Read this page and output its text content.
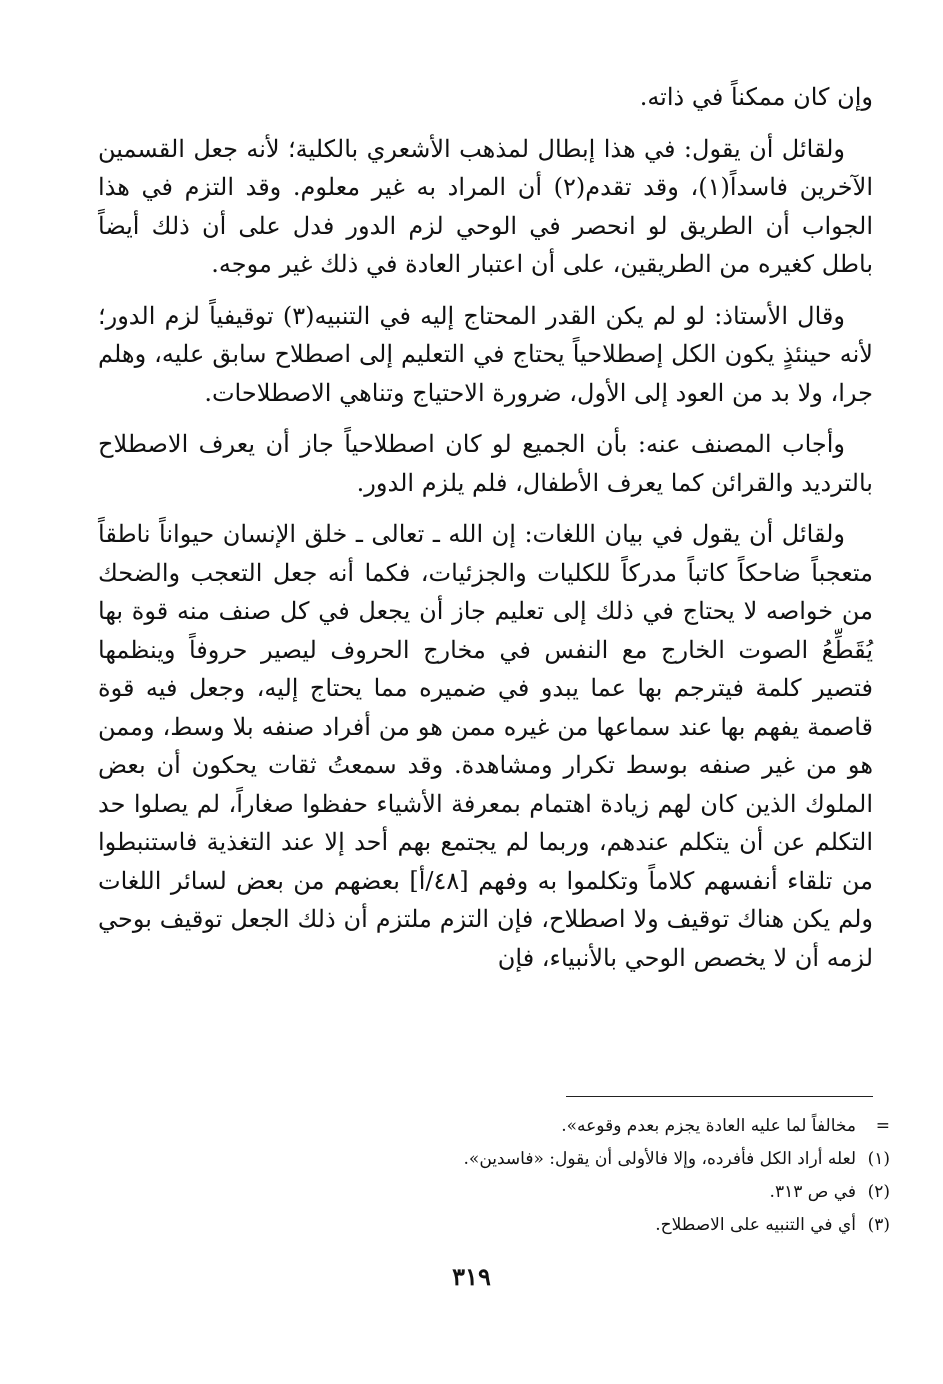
وإن كان ممكناً في ذاته.

ولقائل أن يقول: في هذا إبطال لمذهب الأشعري بالكلية؛ لأنه جعل القسمين الآخرين فاسداً(١)، وقد تقدم(٢) أن المراد به غير معلوم. وقد التزم في هذا الجواب أن الطريق لو انحصر في الوحي لزم الدور فدل على أن ذلك أيضاً باطل كغيره من الطريقين، على أن اعتبار العادة في ذلك غير موجه.

وقال الأستاذ: لو لم يكن القدر المحتاج إليه في التنبيه(٣) توقيفياً لزم الدور؛ لأنه حينئذٍ يكون الكل إصطلاحياً يحتاج في التعليم إلى اصطلاح سابق عليه، وهلم جرا، ولا بد من العود إلى الأول، ضرورة الاحتياج وتناهي الاصطلاحات.

وأجاب المصنف عنه: بأن الجميع لو كان اصطلاحياً جاز أن يعرف الاصطلاح بالترديد والقرائن كما يعرف الأطفال، فلم يلزم الدور.

ولقائل أن يقول في بيان اللغات: إن الله ـ تعالى ـ خلق الإنسان حيواناً ناطقاً متعجباً ضاحكاً كاتباً مدركاً للكليات والجزئيات، فكما أنه جعل التعجب والضحك من خواصه لا يحتاج في ذلك إلى تعليم جاز أن يجعل في كل صنف منه قوة بها يُقَطِّعُ الصوت الخارج مع النفس في مخارج الحروف ليصير حروفاً وينظمها فتصير كلمة فيترجم بها عما يبدو في ضميره مما يحتاج إليه، وجعل فيه قوة قاصمة يفهم بها عند سماعها من غيره ممن هو من أفراد صنفه بلا وسط، وممن هو من غير صنفه بوسط تكرار ومشاهدة. وقد سمعتُ ثقات يحكون أن بعض الملوك الذين كان لهم زيادة اهتمام بمعرفة الأشياء حفظوا صغاراً، لم يصلوا حد التكلم عن أن يتكلم عندهم، وربما لم يجتمع بهم أحد إلا عند التغذية فاستنبطوا من تلقاء أنفسهم كلاماً وتكلموا به وفهم [٤٨/أ] بعضهم من بعض لسائر اللغات ولم يكن هناك توقيف ولا اصطلاح، فإن التزم ملتزم أن ذلك الجعل توقيف بوحي لزمه أن لا يخصص الوحي بالأنبياء، فإن

=
مخالفاً لما عليه العادة يجزم بعدم وقوعه».
(١)
لعله أراد الكل فأفرده، وإلا فالأولى أن يقول: «فاسدين».
(٢)
في ص ٣١٣.
(٣)
أي في التنبيه على الاصطلاح.
٣١٩
